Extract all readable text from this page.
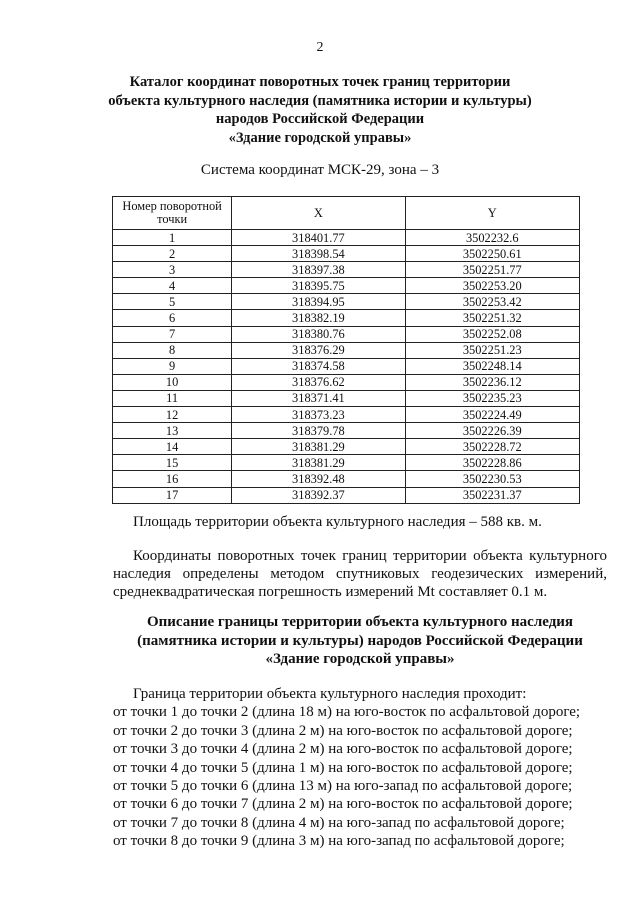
2
Каталог координат поворотных точек границ территории
объекта культурного наследия (памятника истории и культуры)
народов Российской Федерации
«Здание городской управы»
Система координат МСК-29, зона – 3
Номер поворотной точки	X	Y
1	318401.77	3502232.6
2	318398.54	3502250.61
3	318397.38	3502251.77
4	318395.75	3502253.20
5	318394.95	3502253.42
6	318382.19	3502251.32
7	318380.76	3502252.08
8	318376.29	3502251.23
9	318374.58	3502248.14
10	318376.62	3502236.12
11	318371.41	3502235.23
12	318373.23	3502224.49
13	318379.78	3502226.39
14	318381.29	3502228.72
15	318381.29	3502228.86
16	318392.48	3502230.53
17	318392.37	3502231.37
Площадь территории объекта культурного наследия – 588 кв. м.
Координаты поворотных точек границ территории объекта культурного наследия определены методом спутниковых геодезических измерений, среднеквадратическая погрешность измерений Mt составляет 0.1 м.
Описание границы территории объекта культурного наследия
(памятника истории и культуры) народов Российской Федерации
«Здание городской управы»
Граница территории объекта культурного наследия проходит:
от точки 1 до точки 2 (длина 18 м) на юго-восток по асфальтовой дороге;
от точки 2 до точки 3 (длина 2 м) на юго-восток по асфальтовой дороге;
от точки 3 до точки 4 (длина 2 м) на юго-восток по асфальтовой дороге;
от точки 4 до точки 5 (длина 1 м) на юго-восток по асфальтовой дороге;
от точки 5 до точки 6 (длина 13 м) на юго-запад по асфальтовой дороге;
от точки 6 до точки 7 (длина 2 м) на юго-восток по асфальтовой дороге;
от точки 7 до точки 8 (длина 4 м) на юго-запад по асфальтовой дороге;
от точки 8 до точки 9 (длина 3 м) на юго-запад по асфальтовой дороге;
